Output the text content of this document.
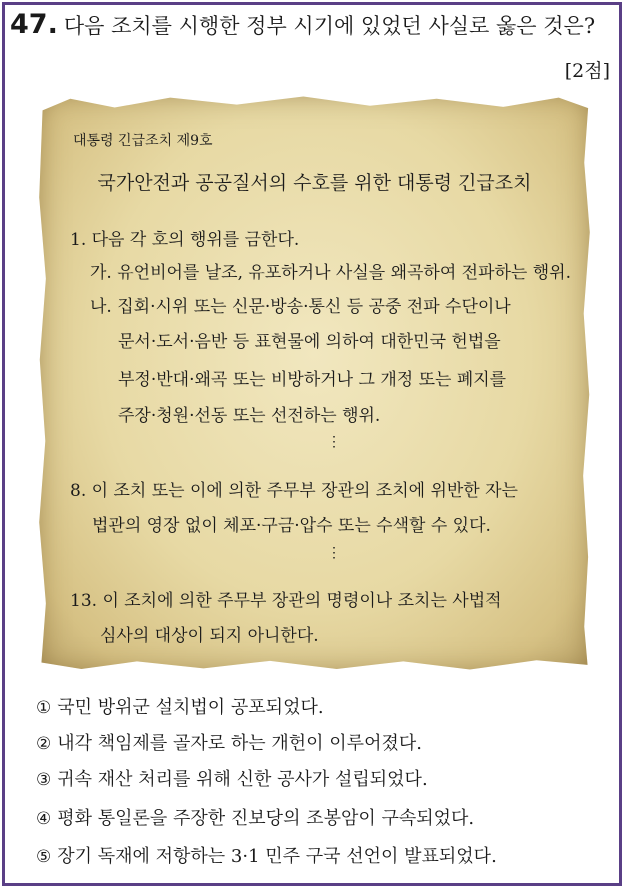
47. 다음 조치를 시행한 정부 시기에 있었던 사실로 옳은 것은?
[2점]
대통령 긴급조치 제9호
국가안전과 공공질서의 수호를 위한 대통령 긴급조치
1. 다음 각 호의 행위를 금한다.
가. 유언비어를 날조, 유포하거나 사실을 왜곡하여 전파하는 행위.
나. 집회·시위 또는 신문·방송·통신 등 공중 전파 수단이나
문서·도서·음반 등 표현물에 의하여 대한민국 헌법을
부정·반대·왜곡 또는 비방하거나 그 개정 또는 폐지를
주장·청원·선동 또는 선전하는 행위.
⋮
8. 이 조치 또는 이에 의한 주무부 장관의 조치에 위반한 자는
법관의 영장 없이 체포·구금·압수 또는 수색할 수 있다.
⋮
13. 이 조치에 의한 주무부 장관의 명령이나 조치는 사법적
심사의 대상이 되지 아니한다.
① 국민 방위군 설치법이 공포되었다.
② 내각 책임제를 골자로 하는 개헌이 이루어졌다.
③ 귀속 재산 처리를 위해 신한 공사가 설립되었다.
④ 평화 통일론을 주장한 진보당의 조봉암이 구속되었다.
⑤ 장기 독재에 저항하는 3·1 민주 구국 선언이 발표되었다.
